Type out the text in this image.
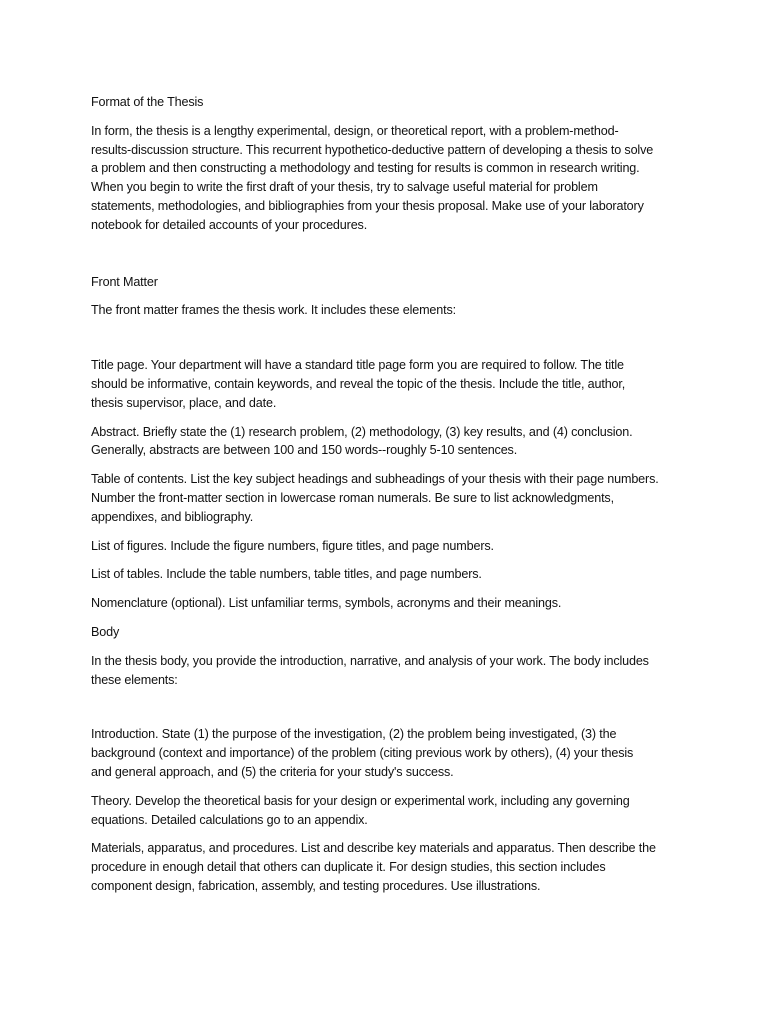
Format of the Thesis

In form, the thesis is a lengthy experimental, design, or theoretical report, with a problem-method-
results-discussion structure. This recurrent hypothetico-deductive pattern of developing a thesis to solve
a problem and then constructing a methodology and testing for results is common in research writing.
When you begin to write the first draft of your thesis, try to salvage useful material for problem
statements, methodologies, and bibliographies from your thesis proposal. Make use of your laboratory
notebook for detailed accounts of your procedures.

Front Matter

The front matter frames the thesis work. It includes these elements:

Title page. Your department will have a standard title page form you are required to follow. The title
should be informative, contain keywords, and reveal the topic of the thesis. Include the title, author,
thesis supervisor, place, and date.

Abstract. Briefly state the (1) research problem, (2) methodology, (3) key results, and (4) conclusion.
Generally, abstracts are between 100 and 150 words--roughly 5-10 sentences.

Table of contents. List the key subject headings and subheadings of your thesis with their page numbers.
Number the front-matter section in lowercase roman numerals. Be sure to list acknowledgments,
appendixes, and bibliography.

List of figures. Include the figure numbers, figure titles, and page numbers.

List of tables. Include the table numbers, table titles, and page numbers.

Nomenclature (optional). List unfamiliar terms, symbols, acronyms and their meanings.

Body

In the thesis body, you provide the introduction, narrative, and analysis of your work. The body includes
these elements:

Introduction. State (1) the purpose of the investigation, (2) the problem being investigated, (3) the
background (context and importance) of the problem (citing previous work by others), (4) your thesis
and general approach, and (5) the criteria for your study's success.

Theory. Develop the theoretical basis for your design or experimental work, including any governing
equations. Detailed calculations go to an appendix.

Materials, apparatus, and procedures. List and describe key materials and apparatus. Then describe the
procedure in enough detail that others can duplicate it. For design studies, this section includes
component design, fabrication, assembly, and testing procedures. Use illustrations.
